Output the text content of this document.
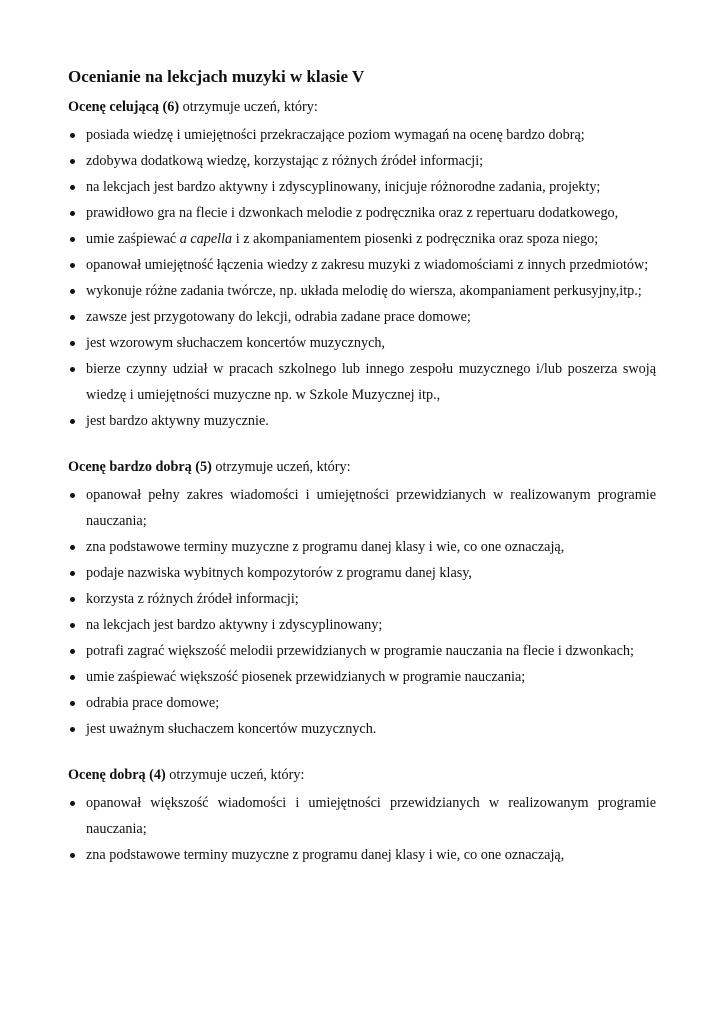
Ocenianie na lekcjach muzyki w klasie V

Ocenę celującą (6) otrzymuje uczeń, który:

posiada wiedzę i umiejętności przekraczające poziom wymagań na ocenę bardzo dobrą;
zdobywa dodatkową wiedzę, korzystając z różnych źródeł informacji;
na lekcjach jest bardzo aktywny i zdyscyplinowany, inicjuje różnorodne zadania, projekty;
prawidłowo gra na flecie i dzwonkach melodie z podręcznika oraz z repertuaru dodatkowego,
umie zaśpiewać a capella i z akompaniamentem piosenki z podręcznika oraz spoza niego;
opanował umiejętność łączenia wiedzy z zakresu muzyki z wiadomościami z innych przedmiotów;
wykonuje różne zadania twórcze, np. układa melodię do wiersza, akompaniament perkusyjny,itp.;
zawsze jest przygotowany do lekcji, odrabia zadane prace domowe;
jest wzorowym słuchaczem koncertów muzycznych,
bierze czynny udział w pracach szkolnego lub innego zespołu muzycznego i/lub poszerza swoją wiedzę i umiejętności muzyczne np. w Szkole Muzycznej itp.,
jest bardzo aktywny muzycznie.

Ocenę bardzo dobrą (5) otrzymuje uczeń, który:

opanował pełny zakres wiadomości i umiejętności przewidzianych w realizowanym programie nauczania;
zna podstawowe terminy muzyczne z programu danej klasy i wie, co one oznaczają,
podaje nazwiska wybitnych kompozytorów z programu danej klasy,
korzysta z różnych źródeł informacji;
na lekcjach jest bardzo aktywny i zdyscyplinowany;
potrafi zagrać większość melodii przewidzianych w programie nauczania na flecie i dzwonkach;
umie zaśpiewać większość piosenek przewidzianych w programie nauczania;
odrabia prace domowe;
jest uważnym słuchaczem koncertów muzycznych.

Ocenę dobrą (4) otrzymuje uczeń, który:

opanował większość wiadomości i umiejętności przewidzianych w realizowanym programie nauczania;
zna podstawowe terminy muzyczne z programu danej klasy i wie, co one oznaczają,
